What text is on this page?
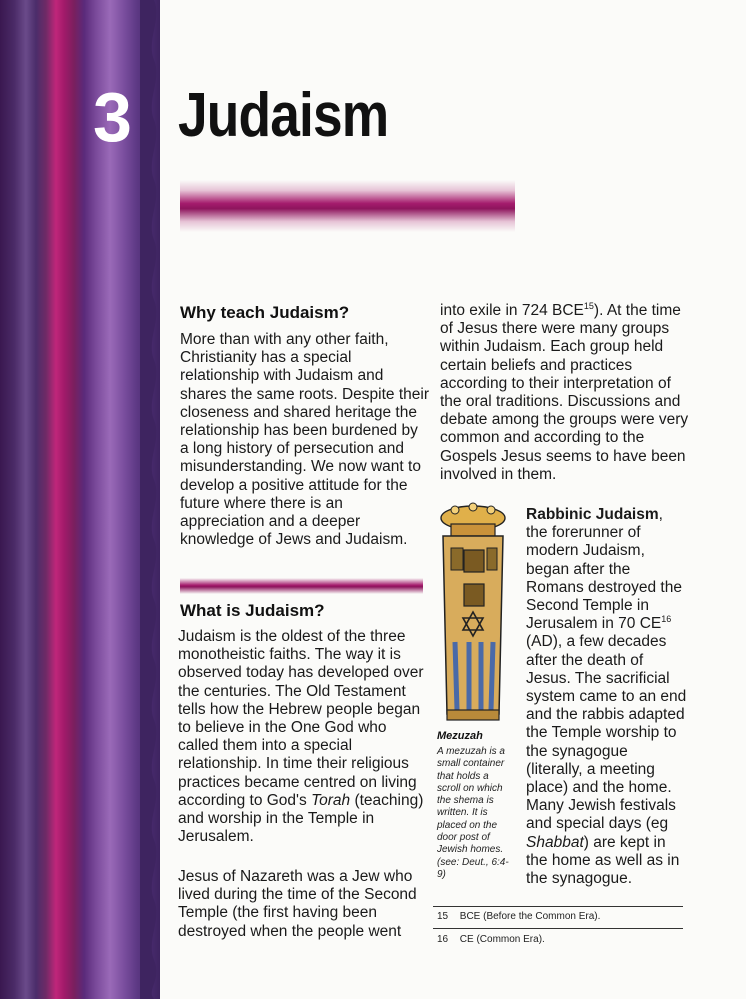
3 Judaism
Why teach Judaism?
More than with any other faith,
Christianity has a special
relationship with Judaism and
shares the same roots. Despite their
closeness and shared heritage the
relationship has been burdened by
a long history of persecution and
misunderstanding. We now want to
develop a positive attitude for the
future where there is an
appreciation and a deeper
knowledge of Jews and Judaism.
What is Judaism?
Judaism is the oldest of the three
monotheistic faiths. The way it is
observed today has developed over
the centuries. The Old Testament
tells how the Hebrew people began
to believe in the One God who
called them into a special
relationship. In time their religious
practices became centred on living
according to God's Torah (teaching)
and worship in the Temple in
Jerusalem.
Jesus of Nazareth was a Jew who
lived during the time of the Second
Temple (the first having been
destroyed when the people went
into exile in 724 BCE$^{15}$). At the time
of Jesus there were many groups
within Judaism. Each group held
certain beliefs and practices
according to their interpretation of
the oral traditions. Discussions and
debate among the groups were very
common and according to the
Gospels Jesus seems to have been
involved in them.
Mezuzah
A mezuzah is a
small container
that holds a
scroll on which
the shema is
written. It is
placed on the
door post of
Jewish homes.
(see: Deut., 6:4-9)
15 BCE (Before the Common Era).
16 CE (Common Era).
Rabbinic Judaism,
the forerunner of
modern Judaism,
began after the
Romans destroyed the
Second Temple in
Jerusalem in 70 CE$^{16}$
(AD), a few decades
after the death of
Jesus. The sacrificial
system came to an end
and the rabbis adapted
the Temple worship to
the synagogue
(literally, a meeting
place) and the home.
Many Jewish festivals
and special days (eg
Shabbat) are kept in
the home as well as in
the synagogue.
